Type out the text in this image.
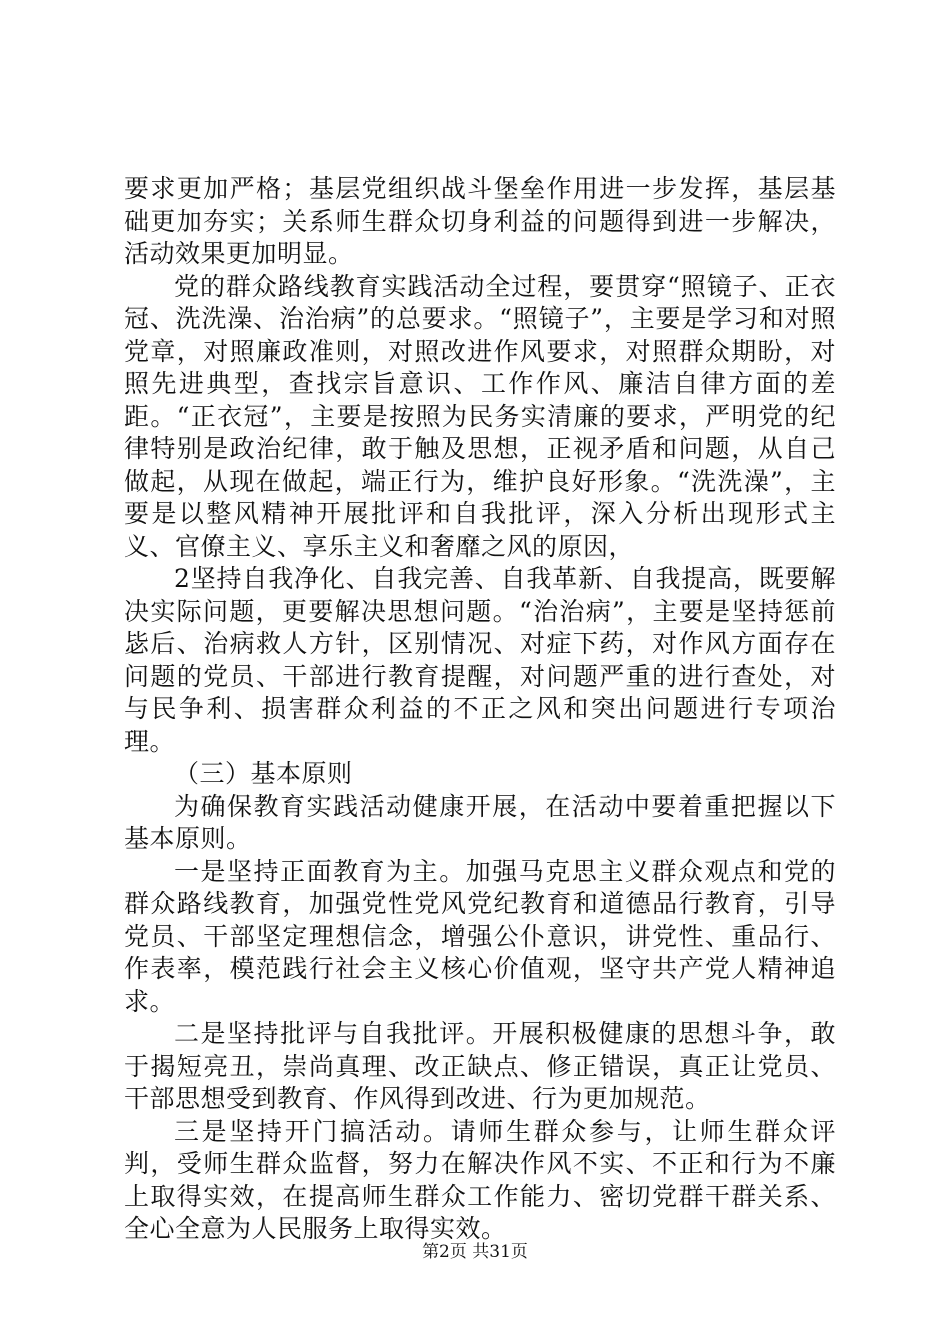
要求更加严格；基层党组织战斗堡垒作用进一步发挥，基层基础更加夯实；关系师生群众切身利益的问题得到进一步解决，活动效果更加明显。

党的群众路线教育实践活动全过程，要贯穿“照镜子、正衣冠、洗洗澡、治治病”的总要求。“照镜子”，主要是学习和对照党章，对照廉政准则，对照改进作风要求，对照群众期盼，对照先进典型，查找宗旨意识、工作作风、廉洁自律方面的差距。“正衣冠”，主要是按照为民务实清廉的要求，严明党的纪律特别是政治纪律，敢于触及思想，正视矛盾和问题，从自己做起，从现在做起，端正行为，维护良好形象。“洗洗澡”，主要是以整风精神开展批评和自我批评，深入分析出现形式主义、官僚主义、享乐主义和奢靡之风的原因，

2坚持自我净化、自我完善、自我革新、自我提高，既要解决实际问题，更要解决思想问题。“治治病”，主要是坚持惩前毖后、治病救人方针，区别情况、对症下药，对作风方面存在问题的党员、干部进行教育提醒，对问题严重的进行查处，对与民争利、损害群众利益的不正之风和突出问题进行专项治理。

（三）基本原则

为确保教育实践活动健康开展，在活动中要着重把握以下基本原则。

一是坚持正面教育为主。加强马克思主义群众观点和党的群众路线教育，加强党性党风党纪教育和道德品行教育，引导党员、干部坚定理想信念，增强公仆意识，讲党性、重品行、作表率，模范践行社会主义核心价值观，坚守共产党人精神追求。

二是坚持批评与自我批评。开展积极健康的思想斗争，敢于揭短亮丑，崇尚真理、改正缺点、修正错误，真正让党员、干部思想受到教育、作风得到改进、行为更加规范。

三是坚持开门搞活动。请师生群众参与，让师生群众评判，受师生群众监督，努力在解决作风不实、不正和行为不廉上取得实效，在提高师生群众工作能力、密切党群干群关系、全心全意为人民服务上取得实效。

第2页 共31页
